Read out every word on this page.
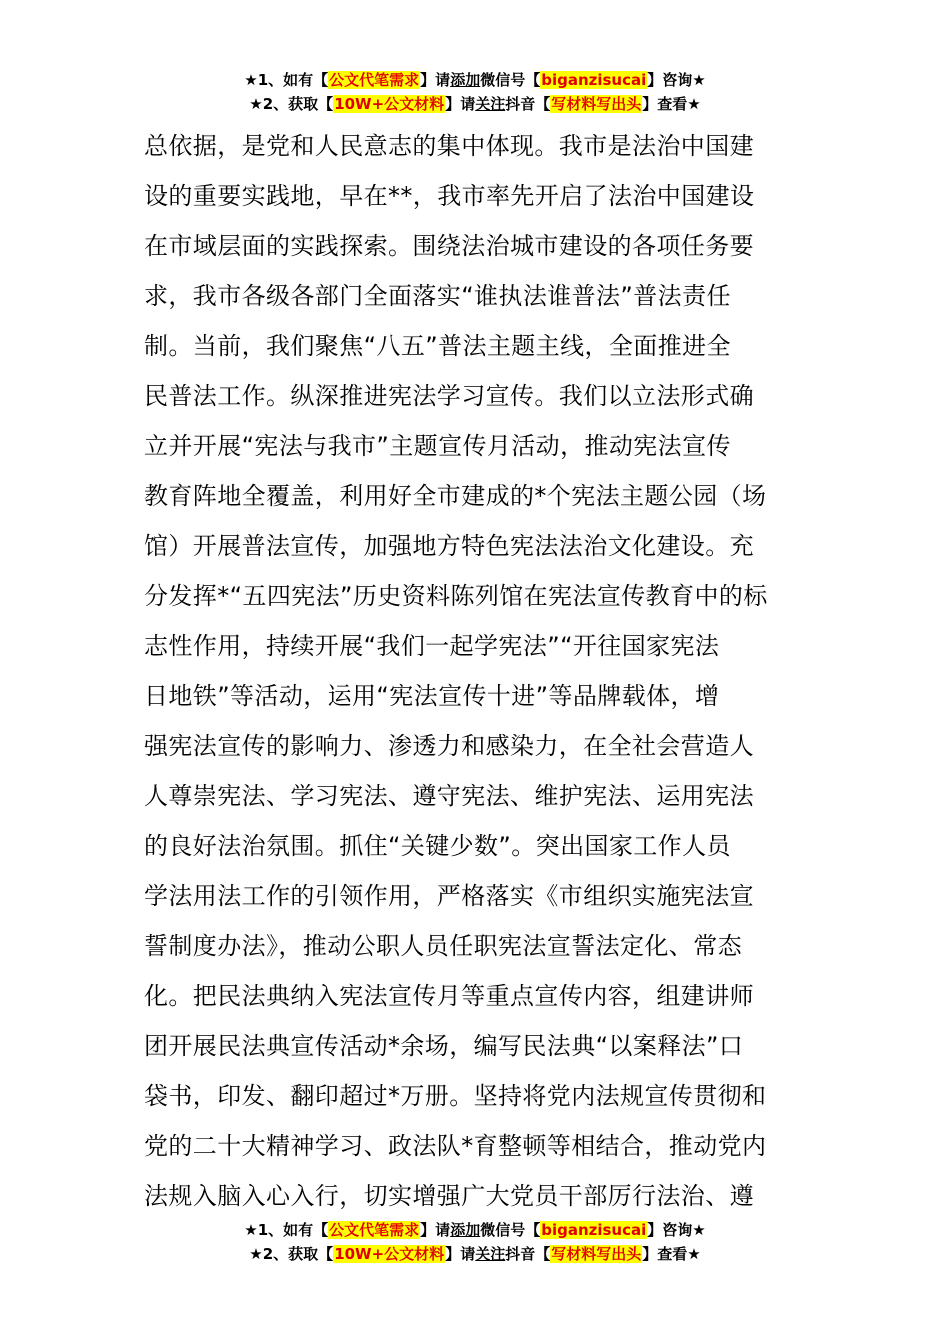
★1、如有【公文代笔需求】请添加微信号【biganzisucai】咨询★
★2、获取【10W+公文材料】请关注抖音【写材料写出头】查看★
总依据，是党和人民意志的集中体现。我市是法治中国建
设的重要实践地，早在**，我市率先开启了法治中国建设
在市域层面的实践探索。围绕法治城市建设的各项任务要
求，我市各级各部门全面落实“谁执法谁普法”普法责任
制。当前，我们聚焦“八五”普法主题主线，全面推进全
民普法工作。纵深推进宪法学习宣传。我们以立法形式确
立并开展“宪法与我市”主题宣传月活动，推动宪法宣传
教育阵地全覆盖，利用好全市建成的*个宪法主题公园（场
馆）开展普法宣传，加强地方特色宪法法治文化建设。充
分发挥*“五四宪法”历史资料陈列馆在宪法宣传教育中的标
志性作用，持续开展“我们一起学宪法”“开往国家宪法
日地铁”等活动，运用“宪法宣传十进”等品牌载体，增
强宪法宣传的影响力、渗透力和感染力，在全社会营造人
人尊崇宪法、学习宪法、遵守宪法、维护宪法、运用宪法
的良好法治氛围。抓住“关键少数”。突出国家工作人员
学法用法工作的引领作用，严格落实《市组织实施宪法宣
誓制度办法》，推动公职人员任职宪法宣誓法定化、常态
化。把民法典纳入宪法宣传月等重点宣传内容，组建讲师
团开展民法典宣传活动*余场，编写民法典“以案释法”口
袋书，印发、翻印超过*万册。坚持将党内法规宣传贯彻和
党的二十大精神学习、政法队*育整顿等相结合，推动党内
法规入脑入心入行，切实增强广大党员干部厉行法治、遵
★1、如有【公文代笔需求】请添加微信号【biganzisucai】咨询★
★2、获取【10W+公文材料】请关注抖音【写材料写出头】查看★
